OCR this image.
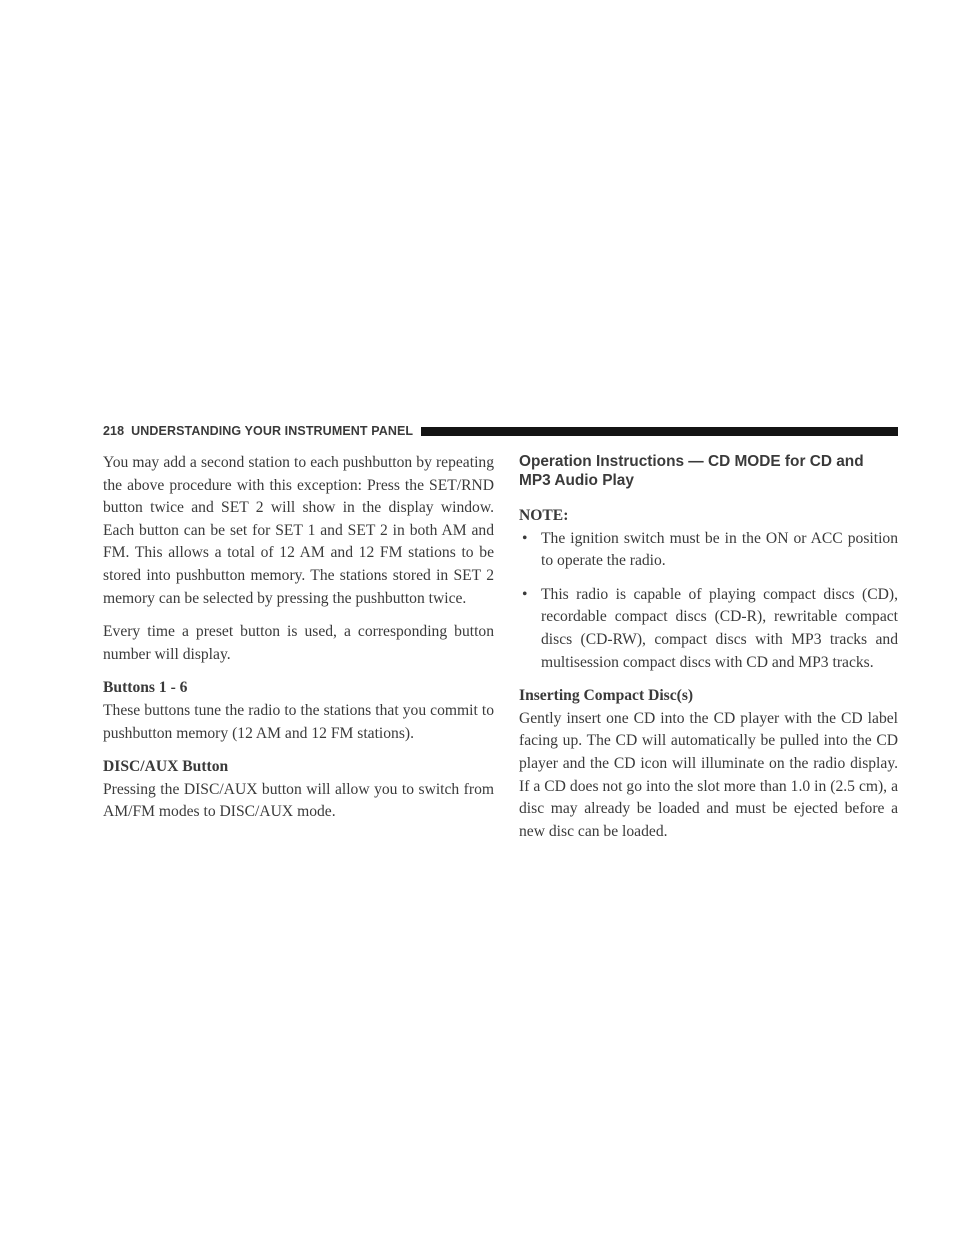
218 UNDERSTANDING YOUR INSTRUMENT PANEL

You may add a second station to each pushbutton by repeating the above procedure with this exception: Press the SET/RND button twice and SET 2 will show in the display window. Each button can be set for SET 1 and SET 2 in both AM and FM. This allows a total of 12 AM and 12 FM stations to be stored into pushbutton memory. The stations stored in SET 2 memory can be selected by pressing the pushbutton twice.

Every time a preset button is used, a corresponding button number will display.

Buttons 1 - 6

These buttons tune the radio to the stations that you commit to pushbutton memory (12 AM and 12 FM stations).

DISC/AUX Button

Pressing the DISC/AUX button will allow you to switch from AM/FM modes to DISC/AUX mode.

Operation Instructions — CD MODE for CD and MP3 Audio Play

NOTE:

• The ignition switch must be in the ON or ACC position to operate the radio.
• This radio is capable of playing compact discs (CD), recordable compact discs (CD-R), rewritable compact discs (CD-RW), compact discs with MP3 tracks and multisession compact discs with CD and MP3 tracks.

Inserting Compact Disc(s)

Gently insert one CD into the CD player with the CD label facing up. The CD will automatically be pulled into the CD player and the CD icon will illuminate on the radio display. If a CD does not go into the slot more than 1.0 in (2.5 cm), a disc may already be loaded and must be ejected before a new disc can be loaded.
